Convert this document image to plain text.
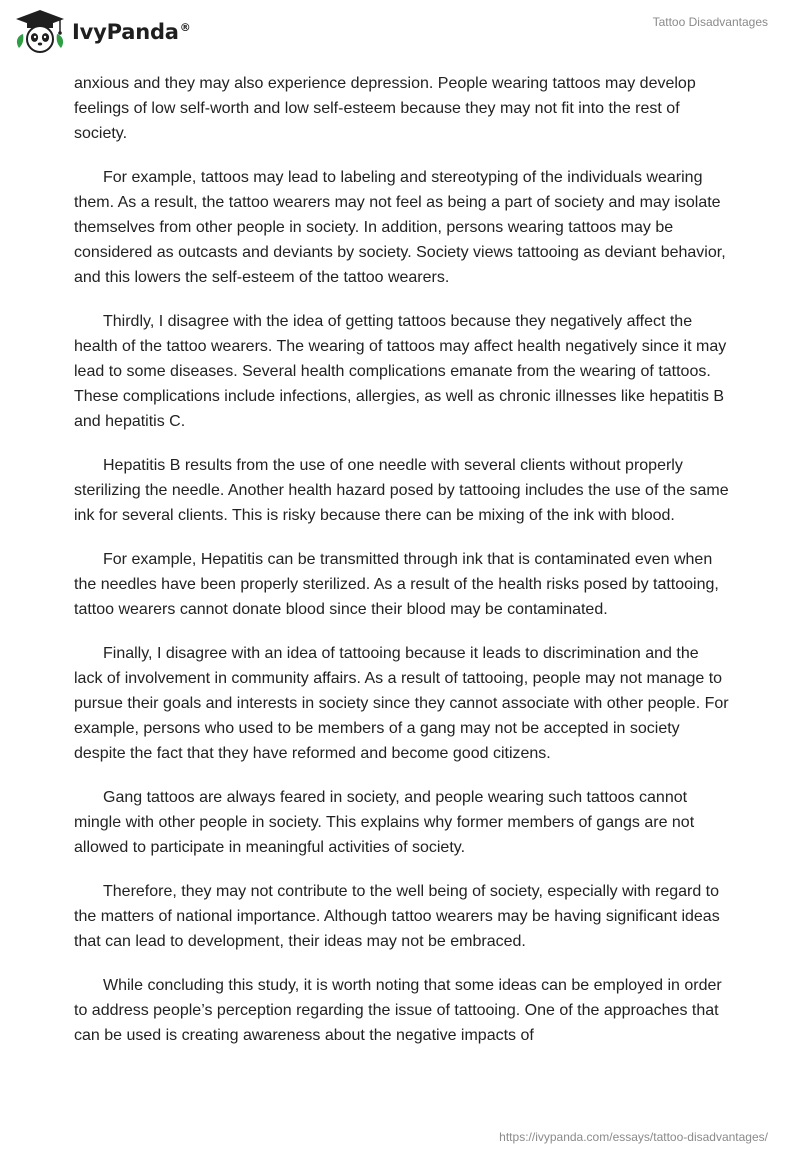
IvyPanda®	Tattoo Disadvantages

anxious and they may also experience depression. People wearing tattoos may develop feelings of low self-worth and low self-esteem because they may not fit into the rest of society.

For example, tattoos may lead to labeling and stereotyping of the individuals wearing them. As a result, the tattoo wearers may not feel as being a part of society and may isolate themselves from other people in society. In addition, persons wearing tattoos may be considered as outcasts and deviants by society. Society views tattooing as deviant behavior, and this lowers the self-esteem of the tattoo wearers.

Thirdly, I disagree with the idea of getting tattoos because they negatively affect the health of the tattoo wearers. The wearing of tattoos may affect health negatively since it may lead to some diseases. Several health complications emanate from the wearing of tattoos. These complications include infections, allergies, as well as chronic illnesses like hepatitis B and hepatitis C.

Hepatitis B results from the use of one needle with several clients without properly sterilizing the needle. Another health hazard posed by tattooing includes the use of the same ink for several clients. This is risky because there can be mixing of the ink with blood.

For example, Hepatitis can be transmitted through ink that is contaminated even when the needles have been properly sterilized. As a result of the health risks posed by tattooing, tattoo wearers cannot donate blood since their blood may be contaminated.

Finally, I disagree with an idea of tattooing because it leads to discrimination and the lack of involvement in community affairs. As a result of tattooing, people may not manage to pursue their goals and interests in society since they cannot associate with other people. For example, persons who used to be members of a gang may not be accepted in society despite the fact that they have reformed and become good citizens.

Gang tattoos are always feared in society, and people wearing such tattoos cannot mingle with other people in society. This explains why former members of gangs are not allowed to participate in meaningful activities of society.

Therefore, they may not contribute to the well being of society, especially with regard to the matters of national importance. Although tattoo wearers may be having significant ideas that can lead to development, their ideas may not be embraced.

While concluding this study, it is worth noting that some ideas can be employed in order to address people’s perception regarding the issue of tattooing. One of the approaches that can be used is creating awareness about the negative impacts of

https://ivypanda.com/essays/tattoo-disadvantages/
